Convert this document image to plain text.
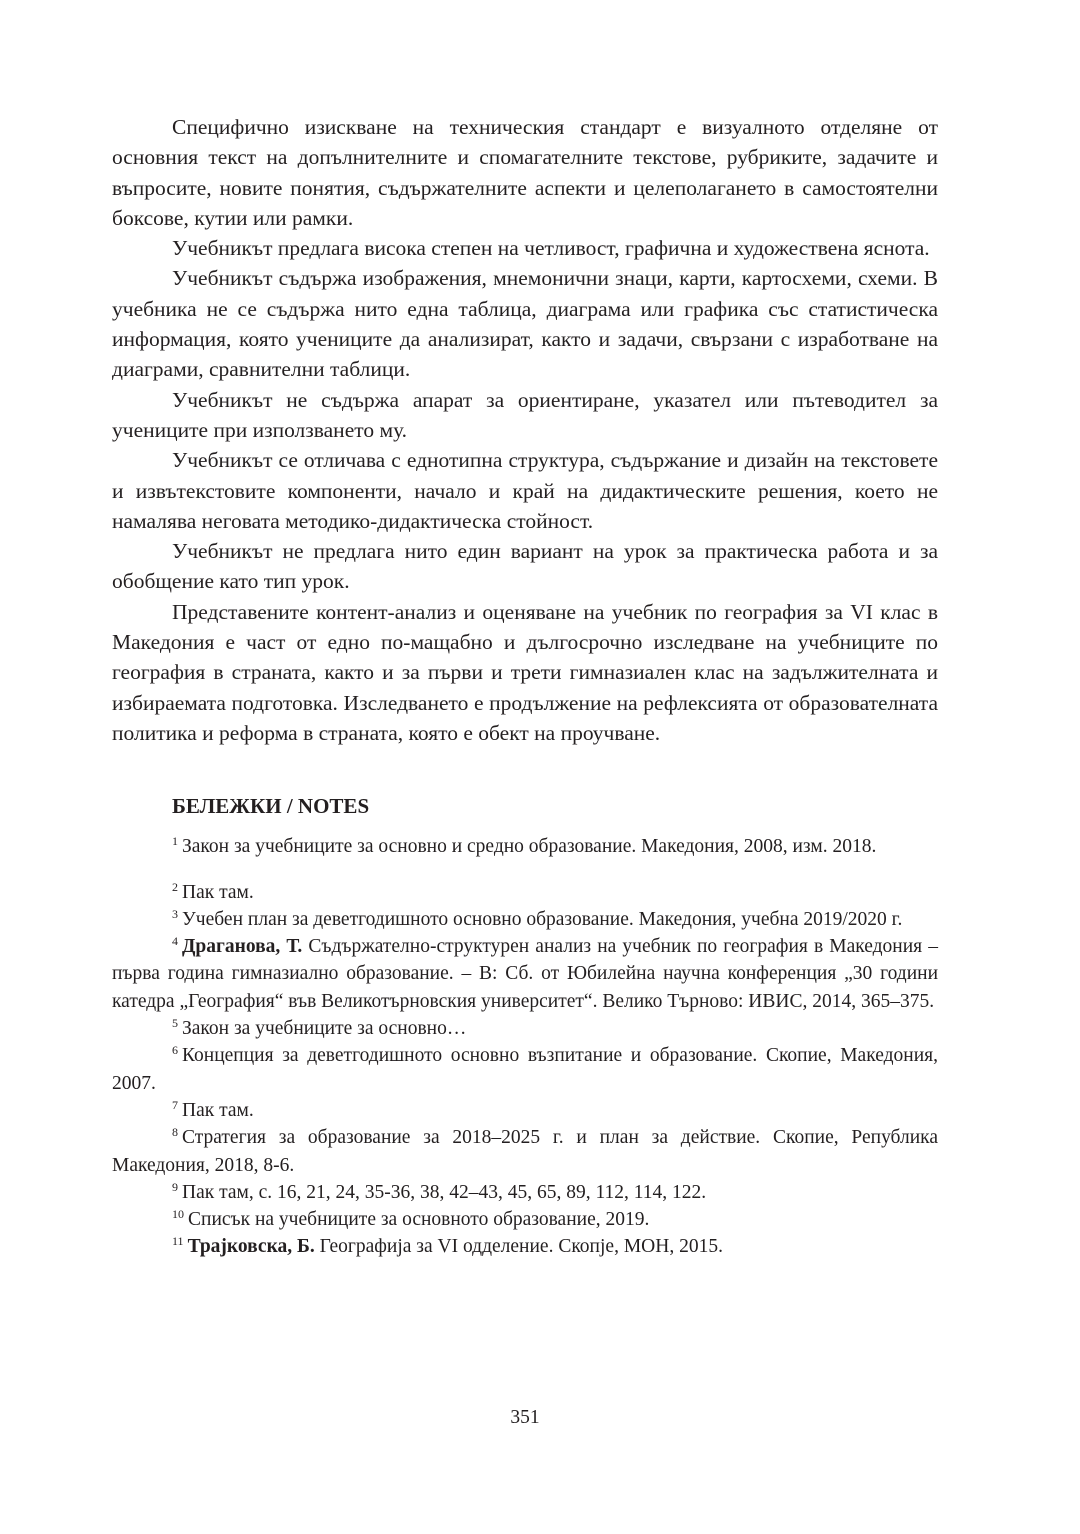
Специфично изискване на техническия стандарт е визуалното отделяне от основния текст на допълнителните и спомагателните текстове, рубриките, задачите и въпросите, новите понятия, съдържателните аспекти и целеполагането в самостоятелни боксове, кутии или рамки.

Учебникът предлага висока степен на четливост, графична и художествена яснота.

Учебникът съдържа изображения, мнемонични знаци, карти, картосхеми, схеми. В учебника не се съдържа нито една таблица, диаграма или графика със статистическа информация, която учениците да анализират, както и задачи, свързани с изработване на диаграми, сравнителни таблици.

Учебникът не съдържа апарат за ориентиране, указател или пътеводител за учениците при използването му.

Учебникът се отличава с еднотипна структура, съдържание и дизайн на текстовете и извътекстовите компоненти, начало и край на дидактическите решения, което не намалява неговата методико-дидактическа стойност.

Учебникът не предлага нито един вариант на урок за практическа работа и за обобщение като тип урок.

Представените контент-анализ и оценяване на учебник по география за VI клас в Македония е част от едно по-мащабно и дългосрочно изследване на учебниците по география в страната, както и за първи и трети гимназиален клас на задължителната и избираемата подготовка. Изследването е продължение на рефлексията от образователната политика и реформа в страната, която е обект на проучване.

БЕЛЕЖКИ / NOTES

$^1$ Закон за учебниците за основно и средно образование. Македония, 2008, изм. 2018.

$^2$ Пак там.

$^3$ Учебен план за деветгодишното основно образование. Македония, учебна 2019/2020 г.

$^4$ Драганова, Т. Съдържателно-структурен анализ на учебник по география в Македония – първа година гимназиално образование. – В: Сб. от Юбилейна научна конференция „30 години катедра „География“ във Великотърновския университет“. Велико Търново: ИВИС, 2014, 365–375.

$^5$ Закон за учебниците за основно…

$^6$ Концепция за деветгодишното основно възпитание и образование. Скопие, Македония, 2007.

$^7$ Пак там.

$^8$ Стратегия за образование за 2018–2025 г. и план за действие. Скопие, Република Македония, 2018, 8-6.

$^9$ Пак там, с. 16, 21, 24, 35-36, 38, 42–43, 45, 65, 89, 112, 114, 122.

$^{10}$ Списък на учебниците за основното образование, 2019.

$^{11}$ Трајковска, Б. Географија за VI одделение. Скопје, МОН, 2015.

351
